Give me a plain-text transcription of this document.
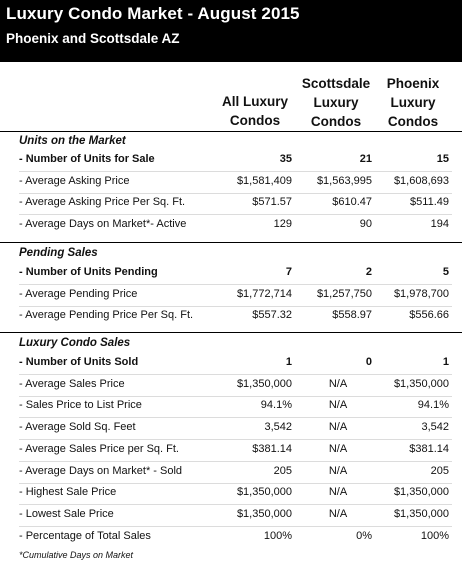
Luxury Condo Market - August 2015
Phoenix and Scottsdale AZ
All Luxury
Condos
Scottsdale
Luxury
Condos
Phoenix
Luxury
Condos
- Number of Units for Sale	35	21	15
- Average Asking Price	$1,581,409	$1,563,995	$1,608,693
- Average Asking Price Per Sq. Ft.	$571.57	$610.47	$511.49
- Average Days on Market*- Active	129	90	194
- Number of Units Pending	7	2	5
- Average Pending Price	$1,772,714	$1,257,750	$1,978,700
- Average Pending Price Per Sq. Ft.	$557.32	$558.97	$556.66
- Number of Units Sold	1	0	1
- Average Sales Price	$1,350,000	N/A	$1,350,000
- Sales Price to List Price	94.1%	N/A	94.1%
- Average Sold Sq. Feet	3,542	N/A	3,542
- Average Sales Price per Sq. Ft.	$381.14	N/A	$381.14
- Average Days on Market* - Sold	205	N/A	205
- Highest Sale Price	$1,350,000	N/A	$1,350,000
- Lowest Sale Price	$1,350,000	N/A	$1,350,000
- Percentage of Total Sales	100%	0%	100%
*Cumulative Days on Market
Units on the Market
Pending Sales
Luxury Condo Sales
